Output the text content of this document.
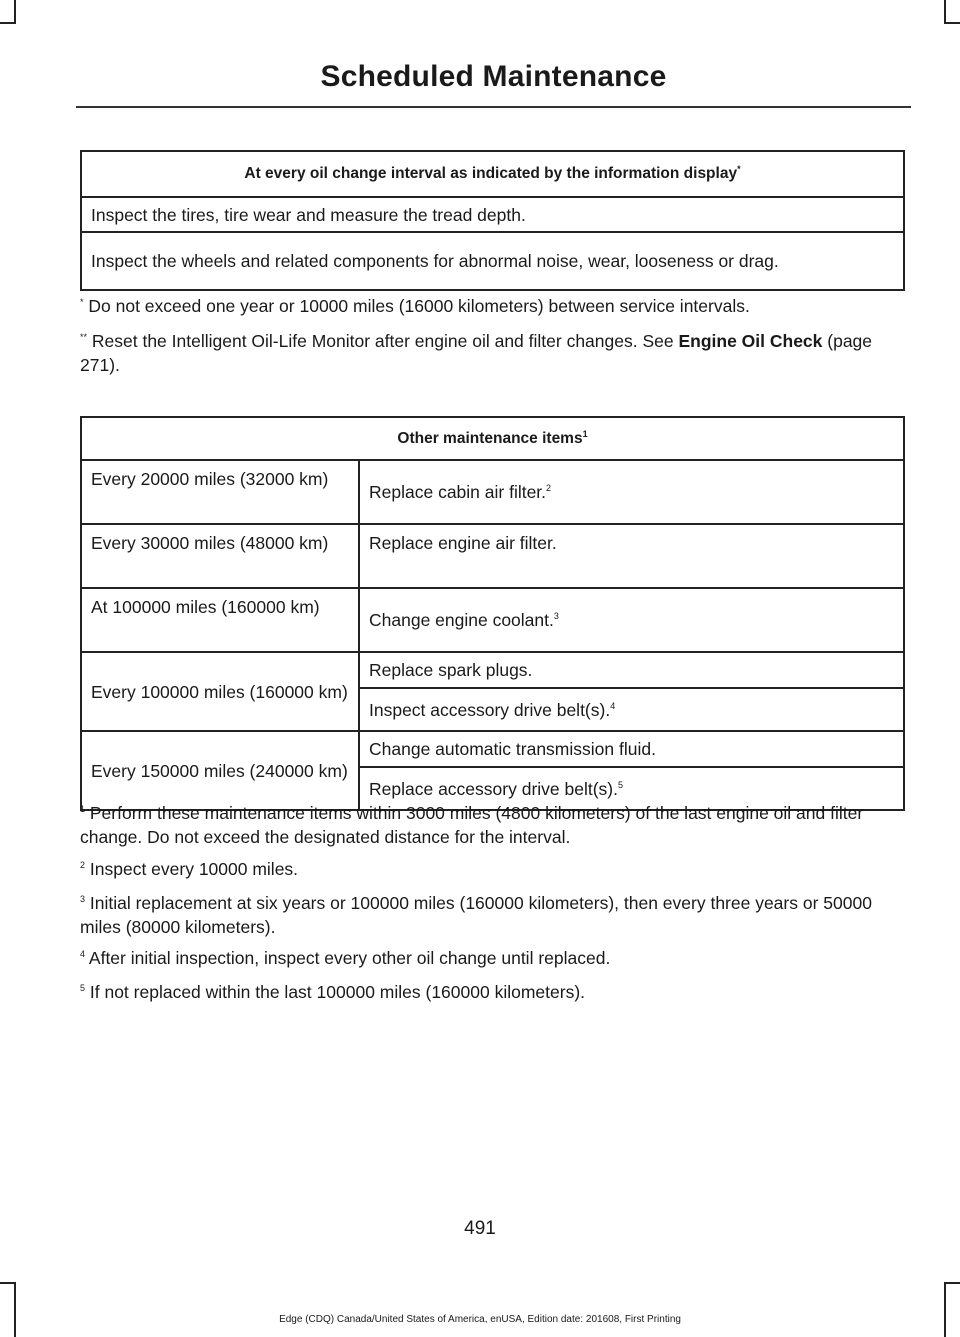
Scheduled Maintenance
At every oil change interval as indicated by the information display*
Inspect the tires, tire wear and measure the tread depth.
Inspect the wheels and related components for abnormal noise, wear, looseness or drag.
* Do not exceed one year or 10000 miles (16000 kilometers) between service intervals.
** Reset the Intelligent Oil-Life Monitor after engine oil and filter changes. See Engine Oil Check (page 271).
Other maintenance items$^1$
Every 20000 miles (32000 km)	Replace cabin air filter.$^2$
Every 30000 miles (48000 km)	Replace engine air filter.
At 100000 miles (160000 km)	Change engine coolant.$^3$
Every 100000 miles (160000 km)	Replace spark plugs.
	Inspect accessory drive belt(s).$^4$
Every 150000 miles (240000 km)	Change automatic transmission fluid.
	Replace accessory drive belt(s).$^5$
$^1$ Perform these maintenance items within 3000 miles (4800 kilometers) of the last engine oil and filter change. Do not exceed the designated distance for the interval.
$^2$ Inspect every 10000 miles.
$^3$ Initial replacement at six years or 100000 miles (160000 kilometers), then every three years or 50000 miles (80000 kilometers).
$^4$ After initial inspection, inspect every other oil change until replaced.
$^5$ If not replaced within the last 100000 miles (160000 kilometers).
491
Edge (CDQ) Canada/United States of America, enUSA, Edition date: 201608, First Printing
